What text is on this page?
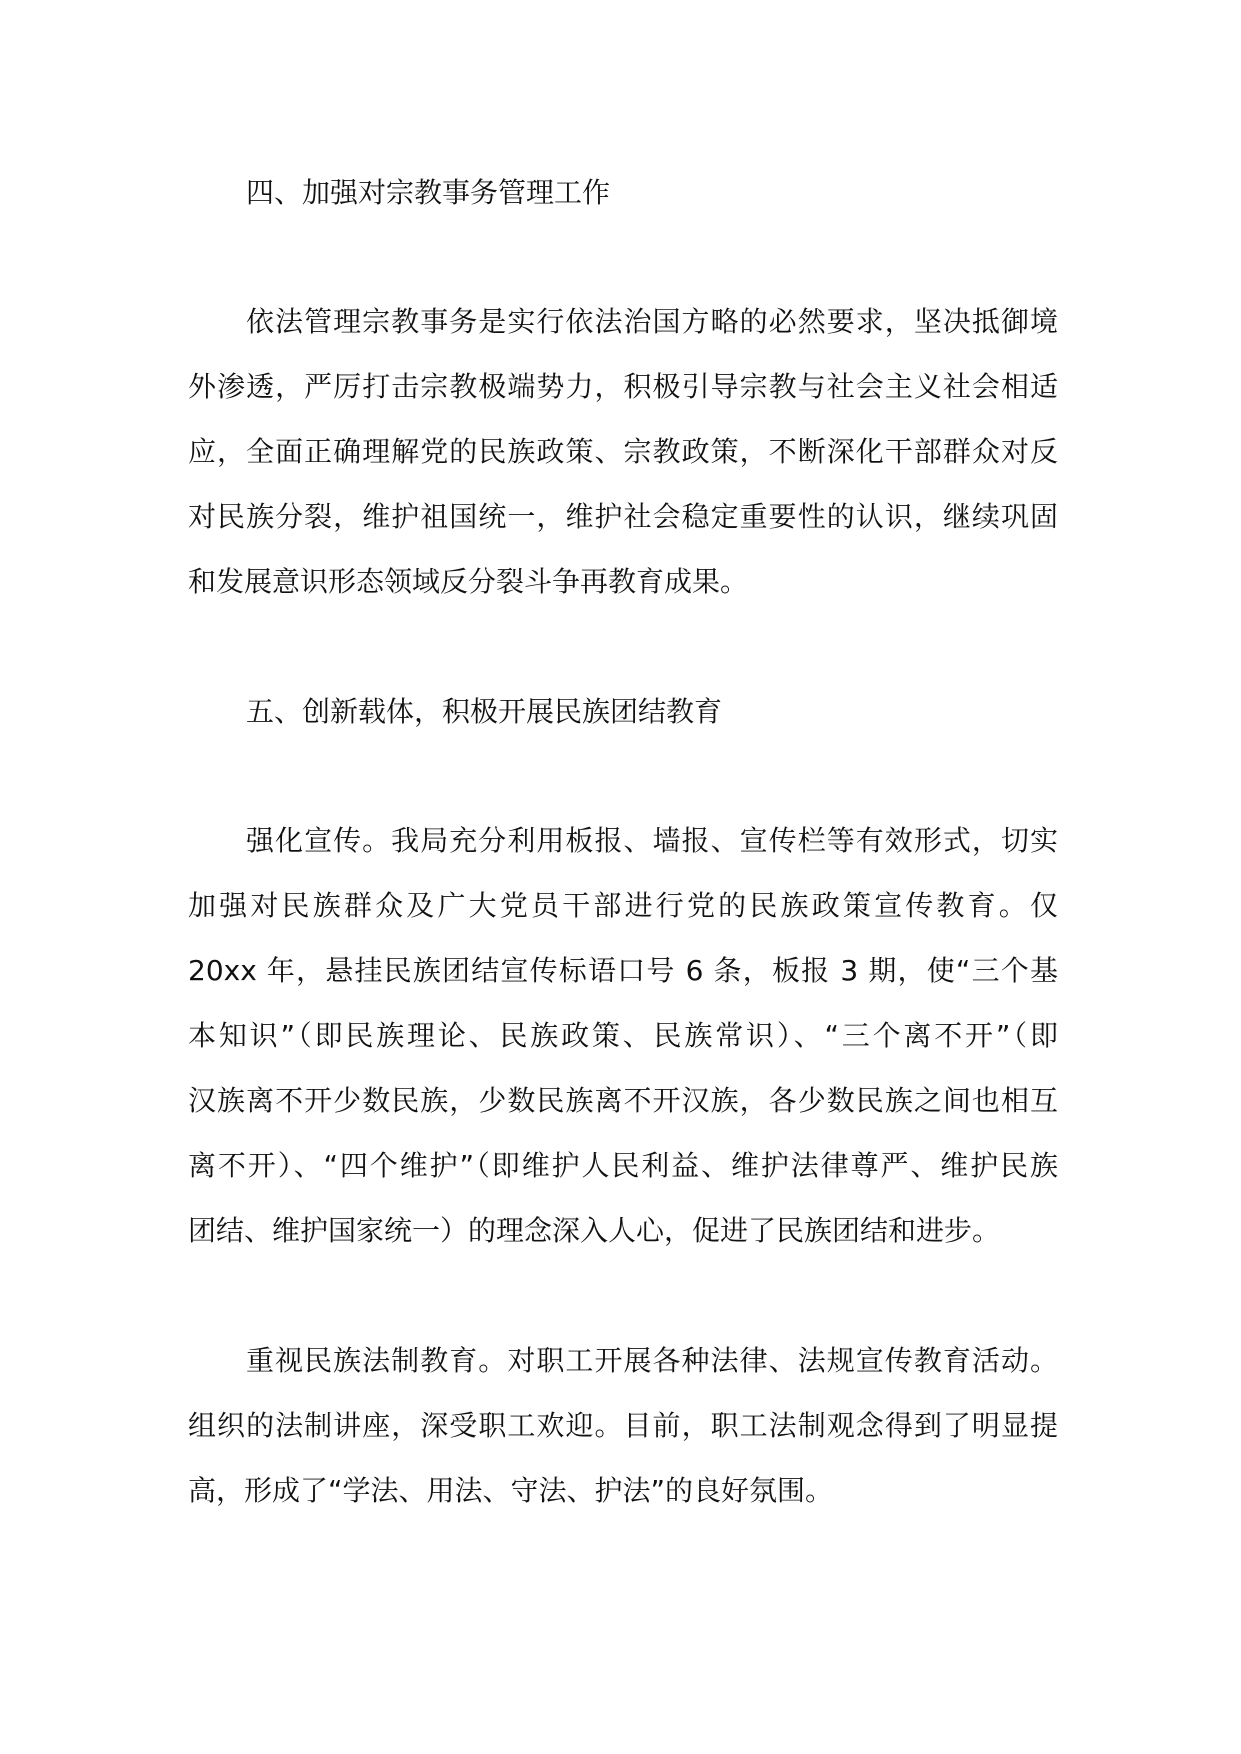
四、加强对宗教事务管理工作

依法管理宗教事务是实行依法治国方略的必然要求，坚决抵御境
外渗透，严厉打击宗教极端势力，积极引导宗教与社会主义社会相适
应，全面正确理解党的民族政策、宗教政策，不断深化干部群众对反
对民族分裂，维护祖国统一，维护社会稳定重要性的认识，继续巩固
和发展意识形态领域反分裂斗争再教育成果。

五、创新载体，积极开展民族团结教育

强化宣传。我局充分利用板报、墙报、宣传栏等有效形式，切实
加强对民族群众及广大党员干部进行党的民族政策宣传教育。仅
20xx 年，悬挂民族团结宣传标语口号 6 条，板报 3 期，使“三个基
本知识”（即民族理论、民族政策、民族常识）、“三个离不开”（即
汉族离不开少数民族，少数民族离不开汉族，各少数民族之间也相互
离不开）、“四个维护”（即维护人民利益、维护法律尊严、维护民族
团结、维护国家统一）的理念深入人心，促进了民族团结和进步。
重视民族法制教育。对职工开展各种法律、法规宣传教育活动。
组织的法制讲座，深受职工欢迎。目前，职工法制观念得到了明显提
高，形成了“学法、用法、守法、护法”的良好氛围。
